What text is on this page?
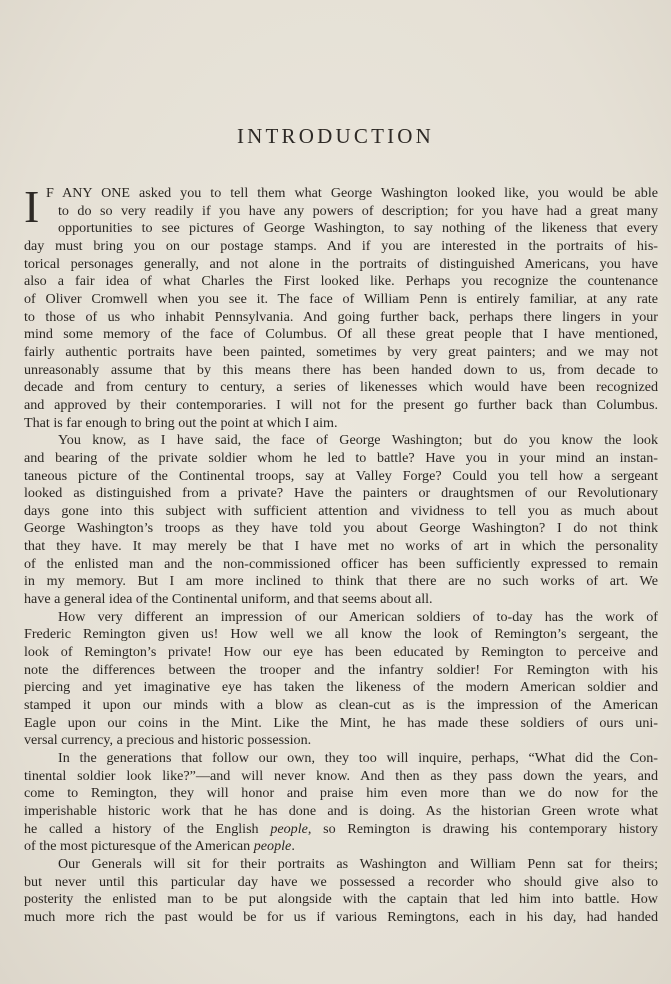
INTRODUCTION
I F ANY ONE asked you to tell them what George Washington looked like, you would be able
to do so very readily if you have any powers of description; for you have had a great many
opportunities to see pictures of George Washington, to say nothing of the likeness that every
day must bring you on our postage stamps. And if you are interested in the portraits of his-
torical personages generally, and not alone in the portraits of distinguished Americans, you have
also a fair idea of what Charles the First looked like. Perhaps you recognize the countenance
of Oliver Cromwell when you see it. The face of William Penn is entirely familiar, at any rate
to those of us who inhabit Pennsylvania. And going further back, perhaps there lingers in your
mind some memory of the face of Columbus. Of all these great people that I have mentioned,
fairly authentic portraits have been painted, sometimes by very great painters; and we may not
unreasonably assume that by this means there has been handed down to us, from decade to
decade and from century to century, a series of likenesses which would have been recognized
and approved by their contemporaries. I will not for the present go further back than Columbus.
That is far enough to bring out the point at which I aim.
You know, as I have said, the face of George Washington; but do you know the look
and bearing of the private soldier whom he led to battle? Have you in your mind an instan-
taneous picture of the Continental troops, say at Valley Forge? Could you tell how a sergeant
looked as distinguished from a private? Have the painters or draughtsmen of our Revolutionary
days gone into this subject with sufficient attention and vividness to tell you as much about
George Washington’s troops as they have told you about George Washington? I do not think
that they have. It may merely be that I have met no works of art in which the personality
of the enlisted man and the non-commissioned officer has been sufficiently expressed to remain
in my memory. But I am more inclined to think that there are no such works of art. We
have a general idea of the Continental uniform, and that seems about all.
How very different an impression of our American soldiers of to-day has the work of
Frederic Remington given us! How well we all know the look of Remington’s sergeant, the
look of Remington’s private! How our eye has been educated by Remington to perceive and
note the differences between the trooper and the infantry soldier! For Remington with his
piercing and yet imaginative eye has taken the likeness of the modern American soldier and
stamped it upon our minds with a blow as clean-cut as is the impression of the American
Eagle upon our coins in the Mint. Like the Mint, he has made these soldiers of ours uni-
versal currency, a precious and historic possession.
In the generations that follow our own, they too will inquire, perhaps, “What did the Con-
tinental soldier look like?”—and will never know. And then as they pass down the years, and
come to Remington, they will honor and praise him even more than we do now for the
imperishable historic work that he has done and is doing. As the historian Green wrote what
he called a history of the English people, so Remington is drawing his contemporary history
of the most picturesque of the American people.
Our Generals will sit for their portraits as Washington and William Penn sat for theirs;
but never until this particular day have we possessed a recorder who should give also to
posterity the enlisted man to be put alongside with the captain that led him into battle. How
much more rich the past would be for us if various Remingtons, each in his day, had handed
